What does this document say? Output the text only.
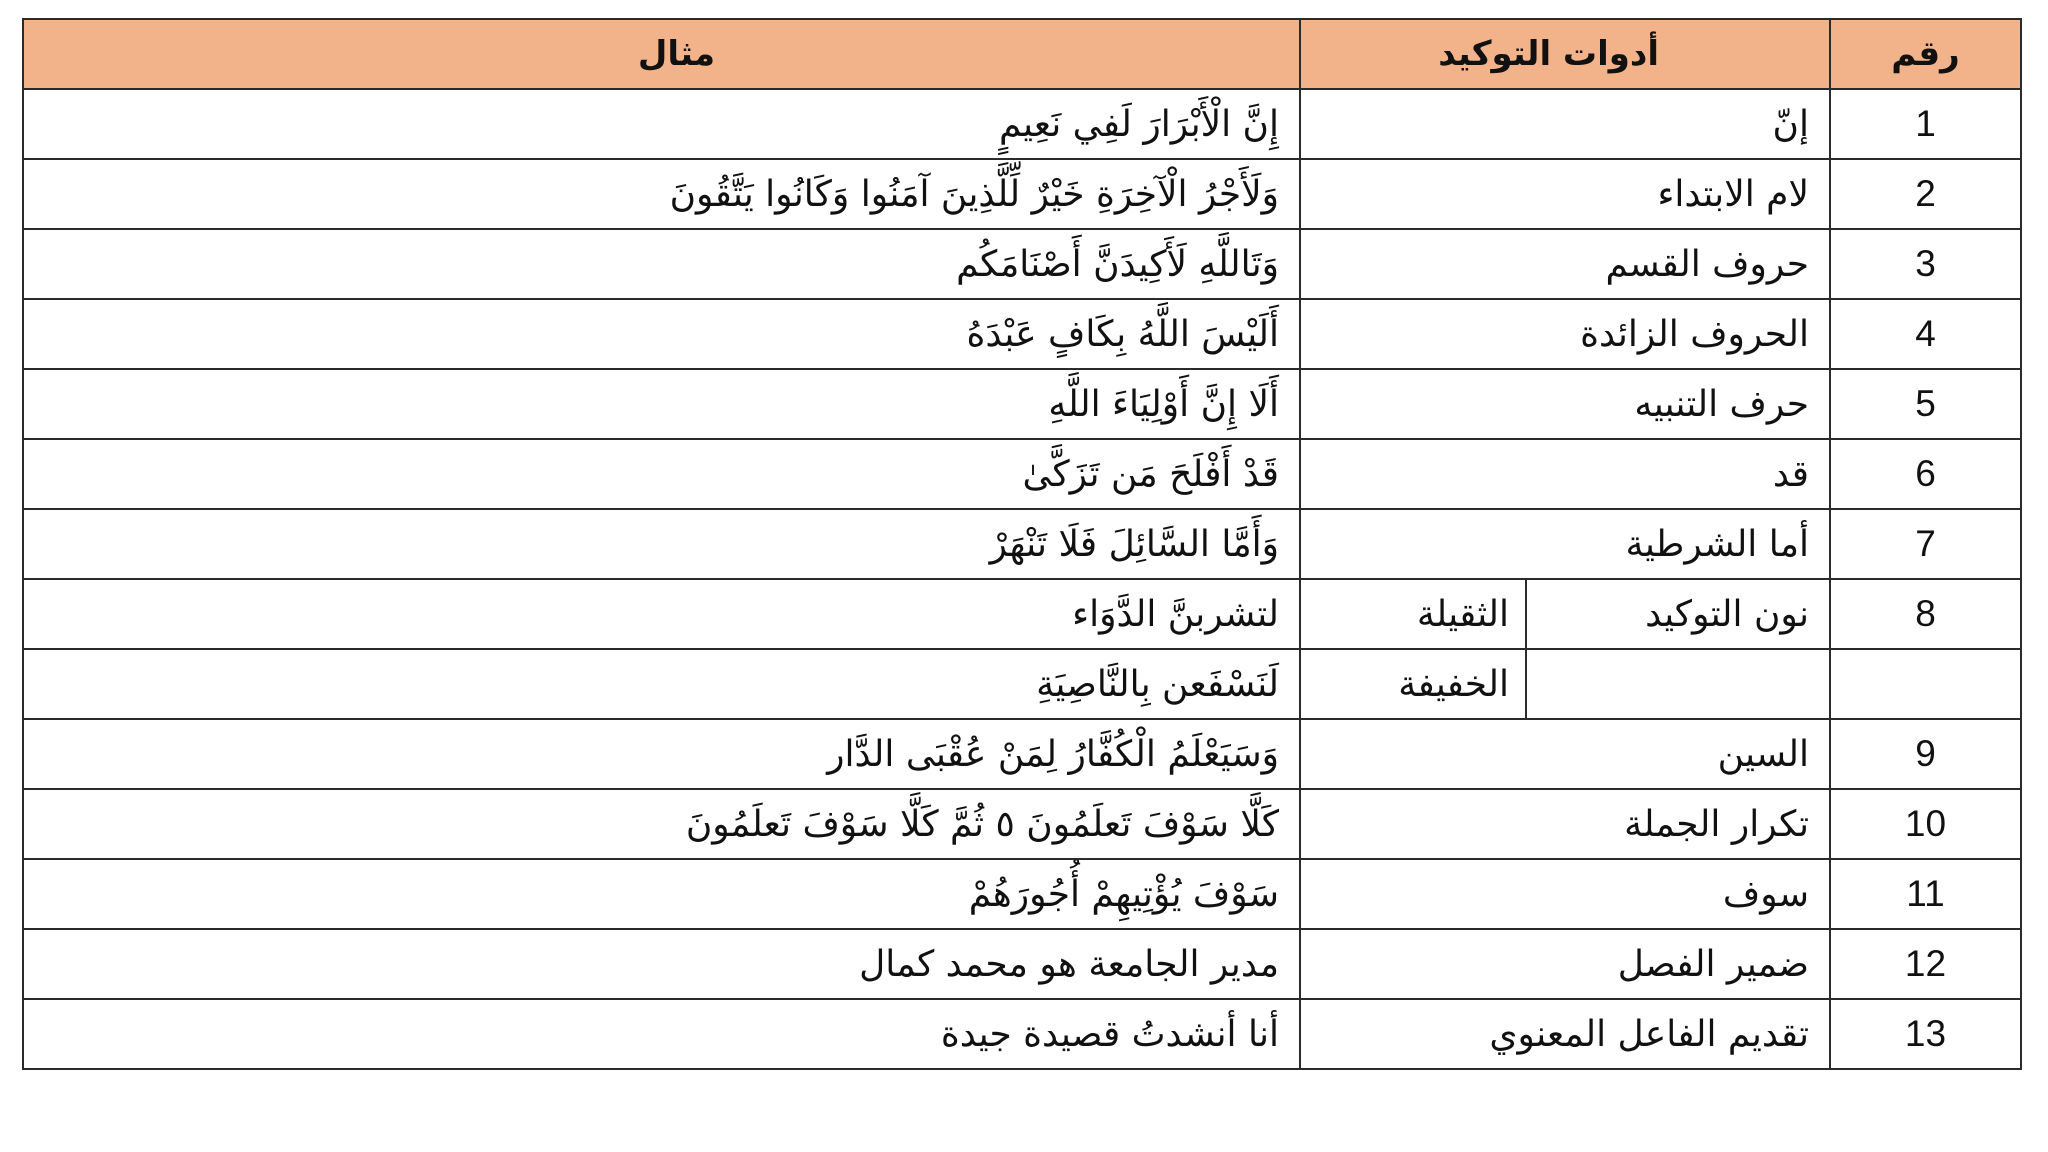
مثال	أدوات التوكيد		رقم

إِنَّ الْأَبْرَارَ لَفِي نَعِيمٍ	إنّ		1
وَلَأَجْرُ الْآخِرَةِ خَيْرٌ لِّلَّذِينَ آمَنُوا وَكَانُوا يَتَّقُونَ	لام الابتداء		2
وَتَاللَّهِ لَأَكِيدَنَّ أَصْنَامَكُم	حروف القسم		3
أَلَيْسَ اللَّهُ بِكَافٍ عَبْدَهُ	الحروف الزائدة		4
أَلَا إِنَّ أَوْلِيَاءَ اللَّهِ	حرف التنبيه		5
قَدْ أَفْلَحَ مَن تَزَكَّىٰ	قد		6
وَأَمَّا السَّائِلَ فَلَا تَنْهَرْ	أما الشرطية		7
لتشربنَّ الدَّوَاء	الثقيلة	نون التوكيد	8
لَنَسْفَعن بِالنَّاصِيَةِ	الخفيفة		
وَسَيَعْلَمُ الْكُفَّارُ لِمَنْ عُقْبَى الدَّار	السين		9
كَلَّا سَوْفَ تَعلَمُونَ ٥ ثُمَّ كَلَّا سَوْفَ تَعلَمُونَ	تكرار الجملة		10
سَوْفَ يُؤْتِيهِمْ أُجُورَهُمْ	سوف		11
مدير الجامعة هو محمد كمال	ضمير الفصل		12
أنا أنشدتُ قصيدة جيدة	تقديم الفاعل المعنوي		13
